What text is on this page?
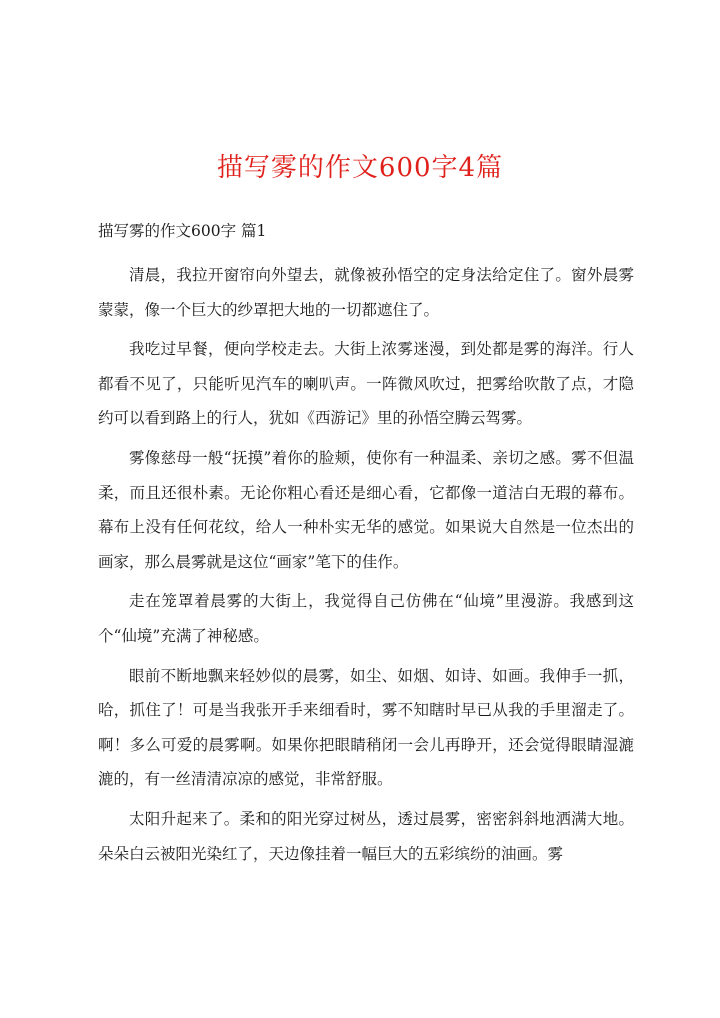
描写雾的作文600字4篇
描写雾的作文600字 篇1

清晨，我拉开窗帘向外望去，就像被孙悟空的定身法给定住了。窗外晨雾蒙蒙，像一个巨大的纱罩把大地的一切都遮住了。

我吃过早餐，便向学校走去。大街上浓雾迷漫，到处都是雾的海洋。行人都看不见了，只能听见汽车的喇叭声。一阵微风吹过，把雾给吹散了点，才隐约可以看到路上的行人，犹如《西游记》里的孙悟空腾云驾雾。

雾像慈母一般“抚摸”着你的脸颊，使你有一种温柔、亲切之感。雾不但温柔，而且还很朴素。无论你粗心看还是细心看，它都像一道洁白无瑕的幕布。幕布上没有任何花纹，给人一种朴实无华的感觉。如果说大自然是一位杰出的画家，那么晨雾就是这位“画家”笔下的佳作。

走在笼罩着晨雾的大街上，我觉得自己仿佛在“仙境”里漫游。我感到这个“仙境”充满了神秘感。

眼前不断地飘来轻妙似的晨雾，如尘、如烟、如诗、如画。我伸手一抓，哈，抓住了！可是当我张开手来细看时，雾不知瞎时早已从我的手里溜走了。啊！多么可爱的晨雾啊。如果你把眼睛稍闭一会儿再睁开，还会觉得眼睛湿漉漉的，有一丝清清凉凉的感觉，非常舒服。

太阳升起来了。柔和的阳光穿过树丛，透过晨雾，密密斜斜地洒满大地。朵朵白云被阳光染红了，天边像挂着一幅巨大的五彩缤纷的油画。雾
